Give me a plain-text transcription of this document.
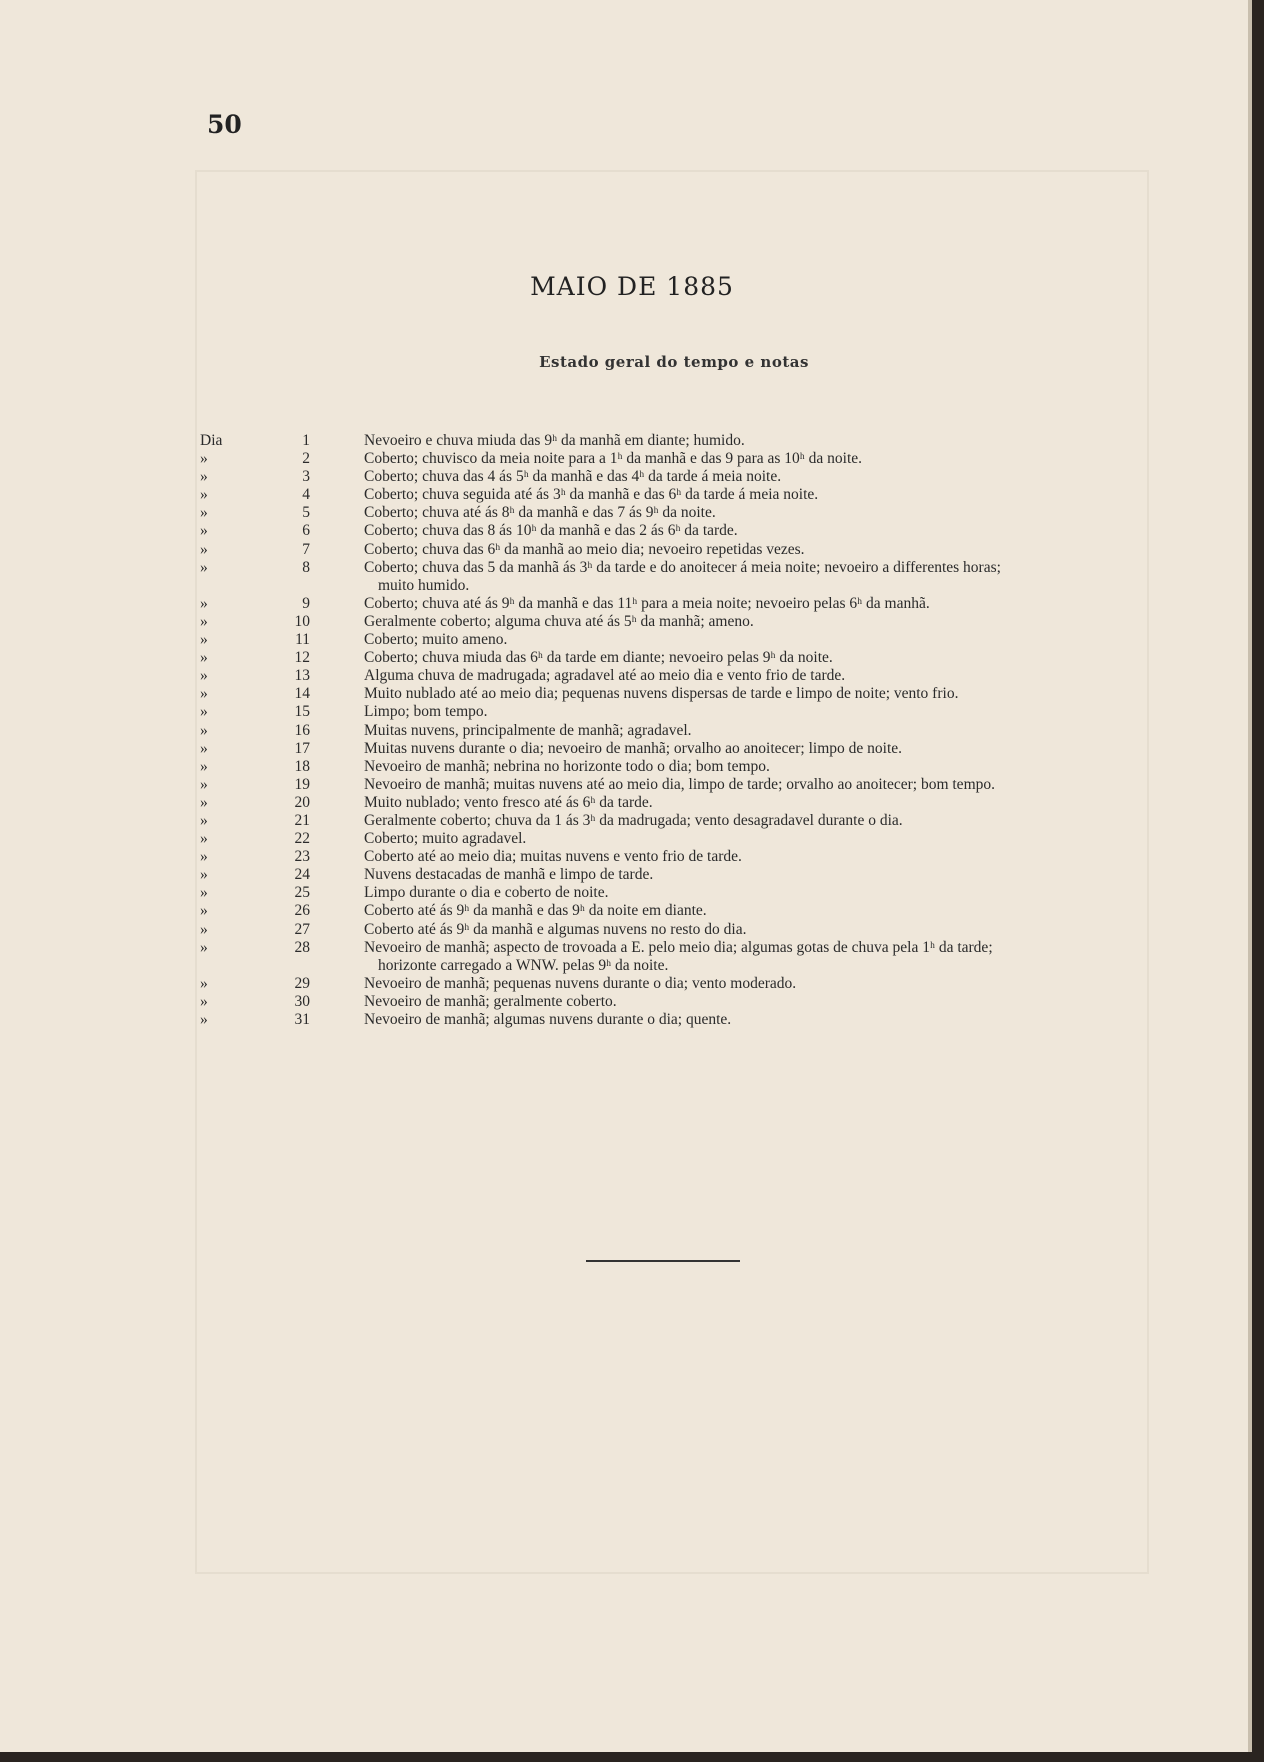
50
MAIO DE 1885
Estado geral do tempo e notas
Dia	1	Nevoeiro e chuva miuda das 9ʰ da manhã em diante; humido.
»	2	Coberto; chuvisco da meia noite para a 1ʰ da manhã e das 9 para as 10ʰ da noite.
»	3	Coberto; chuva das 4 ás 5ʰ da manhã e das 4ʰ da tarde á meia noite.
»	4	Coberto; chuva seguida até ás 3ʰ da manhã e das 6ʰ da tarde á meia noite.
»	5	Coberto; chuva até ás 8ʰ da manhã e das 7 ás 9ʰ da noite.
»	6	Coberto; chuva das 8 ás 10ʰ da manhã e das 2 ás 6ʰ da tarde.
»	7	Coberto; chuva das 6ʰ da manhã ao meio dia; nevoeiro repetidas vezes.
»	8	Coberto; chuva das 5 da manhã ás 3ʰ da tarde e do anoitecer á meia noite; nevoeiro a differentes horas;
muito humido.
»	9	Coberto; chuva até ás 9ʰ da manhã e das 11ʰ para a meia noite; nevoeiro pelas 6ʰ da manhã.
»	10	Geralmente coberto; alguma chuva até ás 5ʰ da manhã; ameno.
»	11	Coberto; muito ameno.
»	12	Coberto; chuva miuda das 6ʰ da tarde em diante; nevoeiro pelas 9ʰ da noite.
»	13	Alguma chuva de madrugada; agradavel até ao meio dia e vento frio de tarde.
»	14	Muito nublado até ao meio dia; pequenas nuvens dispersas de tarde e limpo de noite; vento frio.
»	15	Limpo; bom tempo.
»	16	Muitas nuvens, principalmente de manhã; agradavel.
»	17	Muitas nuvens durante o dia; nevoeiro de manhã; orvalho ao anoitecer; limpo de noite.
»	18	Nevoeiro de manhã; nebrina no horizonte todo o dia; bom tempo.
»	19	Nevoeiro de manhã; muitas nuvens até ao meio dia, limpo de tarde; orvalho ao anoitecer; bom tempo.
»	20	Muito nublado; vento fresco até ás 6ʰ da tarde.
»	21	Geralmente coberto; chuva da 1 ás 3ʰ da madrugada; vento desagradavel durante o dia.
»	22	Coberto; muito agradavel.
»	23	Coberto até ao meio dia; muitas nuvens e vento frio de tarde.
»	24	Nuvens destacadas de manhã e limpo de tarde.
»	25	Limpo durante o dia e coberto de noite.
»	26	Coberto até ás 9ʰ da manhã e das 9ʰ da noite em diante.
»	27	Coberto até ás 9ʰ da manhã e algumas nuvens no resto do dia.
»	28	Nevoeiro de manhã; aspecto de trovoada a E. pelo meio dia; algumas gotas de chuva pela 1ʰ da tarde;
horizonte carregado a WNW. pelas 9ʰ da noite.
»	29	Nevoeiro de manhã; pequenas nuvens durante o dia; vento moderado.
»	30	Nevoeiro de manhã; geralmente coberto.
»	31	Nevoeiro de manhã; algumas nuvens durante o dia; quente.
